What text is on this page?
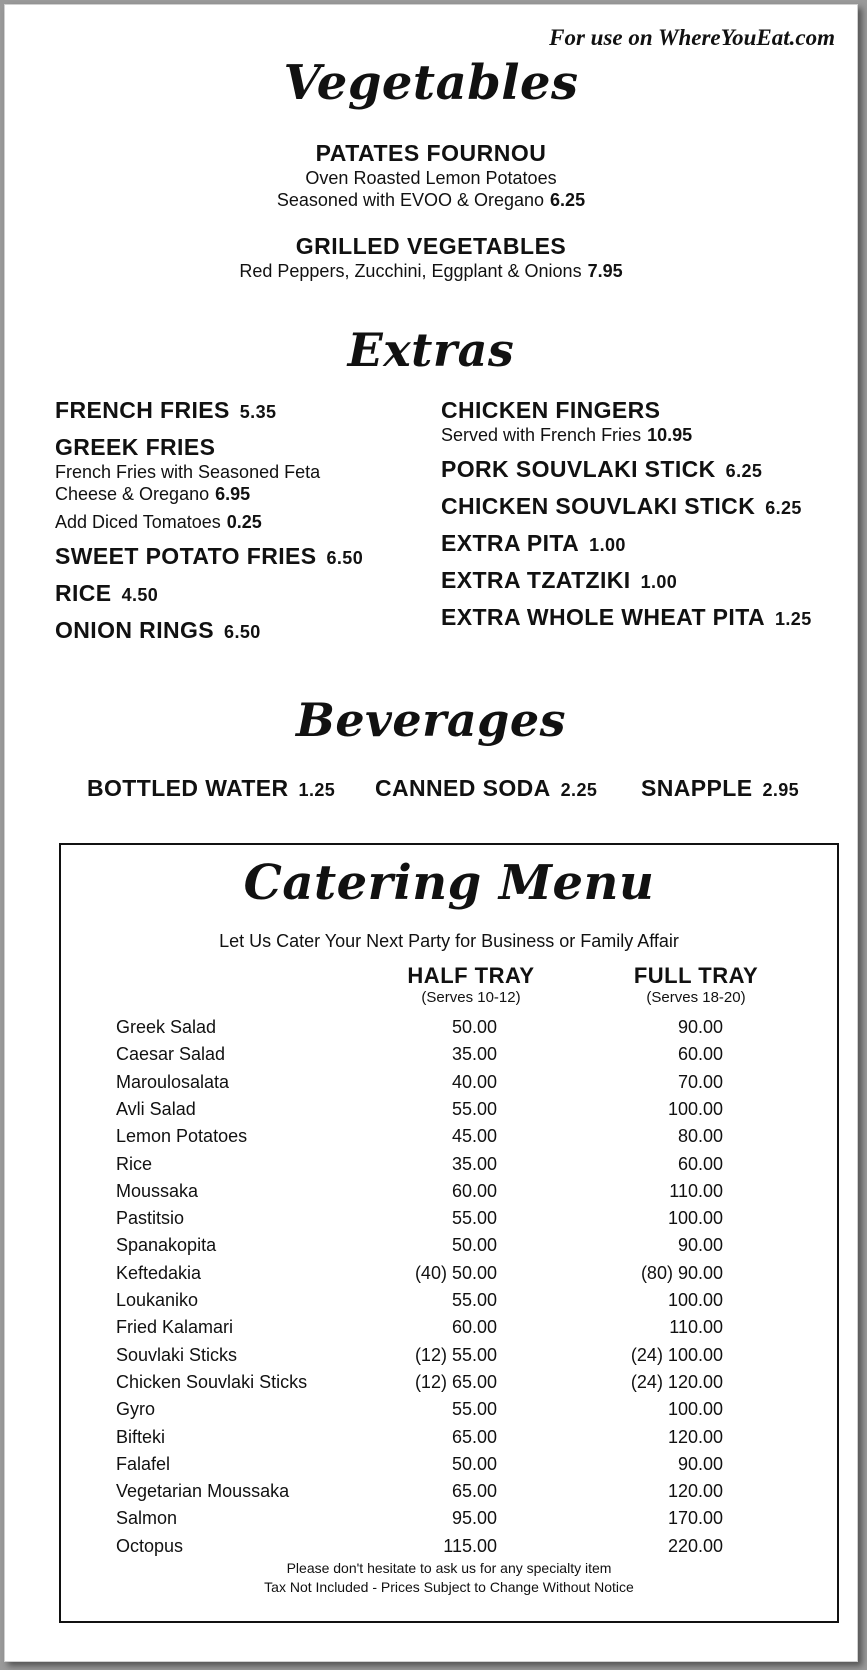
For use on WhereYouEat.com
Vegetables
PATATES FOURNOU
Oven Roasted Lemon Potatoes
Seasoned with EVOO & Oregano 6.25
GRILLED VEGETABLES
Red Peppers, Zucchini, Eggplant & Onions 7.95
Extras
FRENCH FRIES 5.35
GREEK FRIES
French Fries with Seasoned Feta
Cheese & Oregano 6.95
Add Diced Tomatoes 0.25
SWEET POTATO FRIES 6.50
RICE 4.50
ONION RINGS 6.50
CHICKEN FINGERS
Served with French Fries 10.95
PORK SOUVLAKI STICK 6.25
CHICKEN SOUVLAKI STICK 6.25
EXTRA PITA 1.00
EXTRA TZATZIKI 1.00
EXTRA WHOLE WHEAT PITA 1.25
Beverages
BOTTLED WATER 1.25 CANNED SODA 2.25 SNAPPLE 2.95
Catering Menu
Let Us Cater Your Next Party for Business or Family Affair
HALF TRAY
(Serves 10-12)
FULL TRAY
(Serves 18-20)
Greek Salad	50.00	90.00
Caesar Salad	35.00	60.00
Maroulosalata	40.00	70.00
Avli Salad	55.00	100.00
Lemon Potatoes	45.00	80.00
Rice	35.00	60.00
Moussaka	60.00	110.00
Pastitsio	55.00	100.00
Spanakopita	50.00	90.00
Keftedakia	(40) 50.00	(80) 90.00
Loukaniko	55.00	100.00
Fried Kalamari	60.00	110.00
Souvlaki Sticks	(12) 55.00	(24) 100.00
Chicken Souvlaki Sticks	(12) 65.00	(24) 120.00
Gyro	55.00	100.00
Bifteki	65.00	120.00
Falafel	50.00	90.00
Vegetarian Moussaka	65.00	120.00
Salmon	95.00	170.00
Octopus	115.00	220.00
Please don't hesitate to ask us for any specialty item
Tax Not Included - Prices Subject to Change Without Notice
